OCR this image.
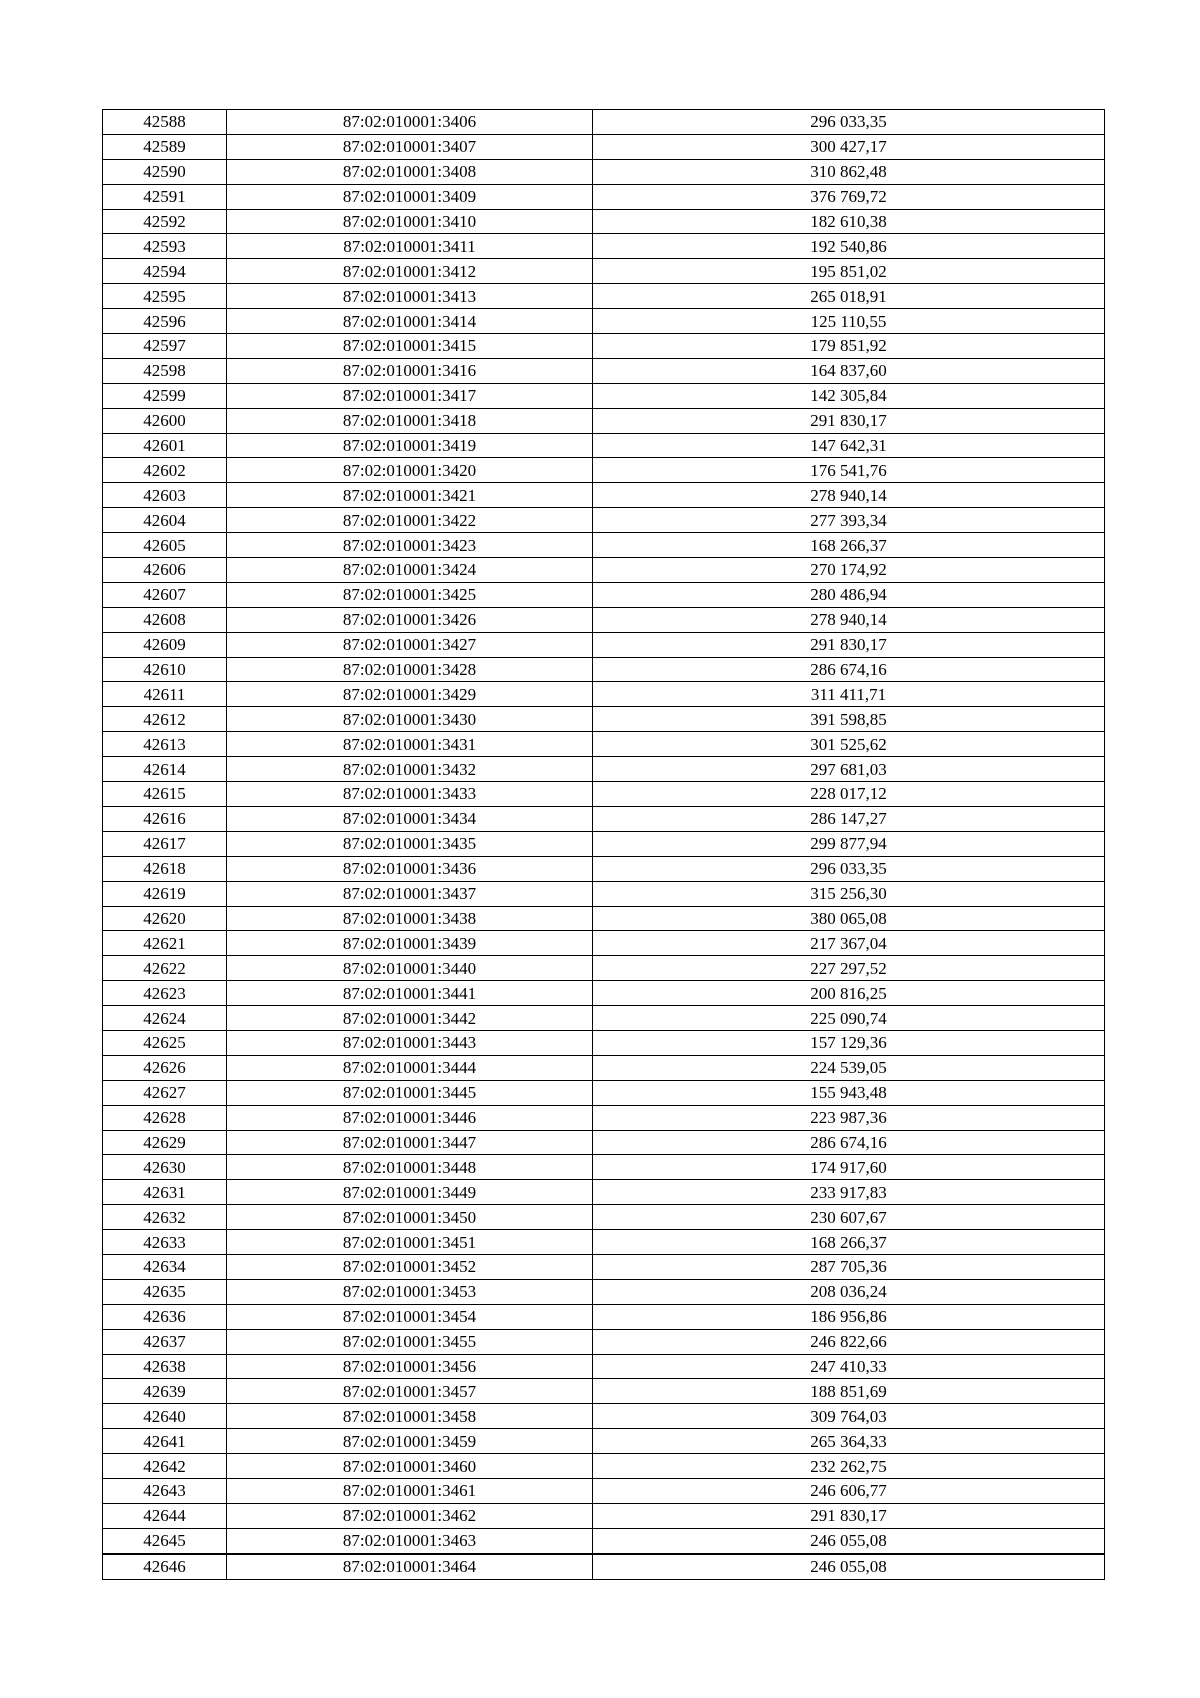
42588	87:02:010001:3406	296 033,35
42589	87:02:010001:3407	300 427,17
42590	87:02:010001:3408	310 862,48
42591	87:02:010001:3409	376 769,72
42592	87:02:010001:3410	182 610,38
42593	87:02:010001:3411	192 540,86
42594	87:02:010001:3412	195 851,02
42595	87:02:010001:3413	265 018,91
42596	87:02:010001:3414	125 110,55
42597	87:02:010001:3415	179 851,92
42598	87:02:010001:3416	164 837,60
42599	87:02:010001:3417	142 305,84
42600	87:02:010001:3418	291 830,17
42601	87:02:010001:3419	147 642,31
42602	87:02:010001:3420	176 541,76
42603	87:02:010001:3421	278 940,14
42604	87:02:010001:3422	277 393,34
42605	87:02:010001:3423	168 266,37
42606	87:02:010001:3424	270 174,92
42607	87:02:010001:3425	280 486,94
42608	87:02:010001:3426	278 940,14
42609	87:02:010001:3427	291 830,17
42610	87:02:010001:3428	286 674,16
42611	87:02:010001:3429	311 411,71
42612	87:02:010001:3430	391 598,85
42613	87:02:010001:3431	301 525,62
42614	87:02:010001:3432	297 681,03
42615	87:02:010001:3433	228 017,12
42616	87:02:010001:3434	286 147,27
42617	87:02:010001:3435	299 877,94
42618	87:02:010001:3436	296 033,35
42619	87:02:010001:3437	315 256,30
42620	87:02:010001:3438	380 065,08
42621	87:02:010001:3439	217 367,04
42622	87:02:010001:3440	227 297,52
42623	87:02:010001:3441	200 816,25
42624	87:02:010001:3442	225 090,74
42625	87:02:010001:3443	157 129,36
42626	87:02:010001:3444	224 539,05
42627	87:02:010001:3445	155 943,48
42628	87:02:010001:3446	223 987,36
42629	87:02:010001:3447	286 674,16
42630	87:02:010001:3448	174 917,60
42631	87:02:010001:3449	233 917,83
42632	87:02:010001:3450	230 607,67
42633	87:02:010001:3451	168 266,37
42634	87:02:010001:3452	287 705,36
42635	87:02:010001:3453	208 036,24
42636	87:02:010001:3454	186 956,86
42637	87:02:010001:3455	246 822,66
42638	87:02:010001:3456	247 410,33
42639	87:02:010001:3457	188 851,69
42640	87:02:010001:3458	309 764,03
42641	87:02:010001:3459	265 364,33
42642	87:02:010001:3460	232 262,75
42643	87:02:010001:3461	246 606,77
42644	87:02:010001:3462	291 830,17
42645	87:02:010001:3463	246 055,08
42646	87:02:010001:3464	246 055,08
